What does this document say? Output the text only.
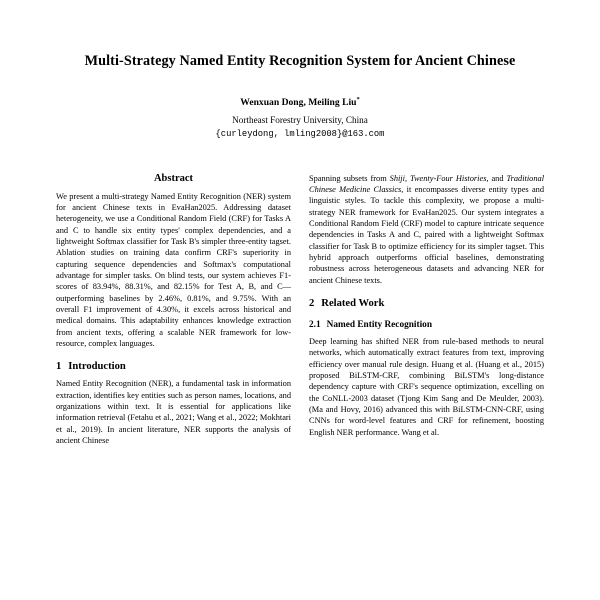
Multi-Strategy Named Entity Recognition System for Ancient Chinese
Wenxuan Dong, Meiling Liu*
Northeast Forestry University, China
{curleydong, lmling2008}@163.com
Abstract

We present a multi-strategy Named Entity Recognition (NER) system for ancient Chinese texts in EvaHan2025. Addressing dataset heterogeneity, we use a Conditional Random Field (CRF) for Tasks A and C to handle six entity types' complex dependencies, and a lightweight Softmax classifier for Task B's simpler three-entity tagset. Ablation studies on training data confirm CRF's superiority in capturing sequence dependencies and Softmax's computational advantage for simpler tasks. On blind tests, our system achieves F1-scores of 83.94%, 88.31%, and 82.15% for Test A, B, and C—outperforming baselines by 2.46%, 0.81%, and 9.75%. With an overall F1 improvement of 4.30%, it excels across historical and medical domains. This adaptability enhances knowledge extraction from ancient texts, offering a scalable NER framework for low-resource, complex languages.

1 Introduction

Named Entity Recognition (NER), a fundamental task in information extraction, identifies key entities such as person names, locations, and organizations within text. It is essential for applications like information retrieval (Fetahu et al., 2021; Wang et al., 2022; Mokhtari et al., 2019). In ancient literature, NER supports the analysis of ancient Chinese

Spanning subsets from Shiji, Twenty-Four Histories, and Traditional Chinese Medicine Classics, it encompasses diverse entity types and linguistic styles. To tackle this complexity, we propose a multi-strategy NER framework for EvaHan2025. Our system integrates a Conditional Random Field (CRF) model to capture intricate sequence dependencies in Tasks A and C, paired with a lightweight Softmax classifier for Task B to optimize efficiency for its simpler tagset. This hybrid approach outperforms official baselines, demonstrating robustness across heterogeneous datasets and advancing NER for ancient Chinese texts.

2 Related Work
2.1 Named Entity Recognition

Deep learning has shifted NER from rule-based methods to neural networks, which automatically extract features from text, improving efficiency over manual rule design. Huang et al. (Huang et al., 2015) proposed BiLSTM-CRF, combining BiLSTM's long-distance dependency capture with CRF's sequence optimization, excelling on the CoNLL-2003 dataset (Tjong Kim Sang and De Meulder, 2003). (Ma and Hovy, 2016) advanced this with BiLSTM-CNN-CRF, using CNNs for word-level features and CRF for refinement, boosting English NER performance. Wang et al.
